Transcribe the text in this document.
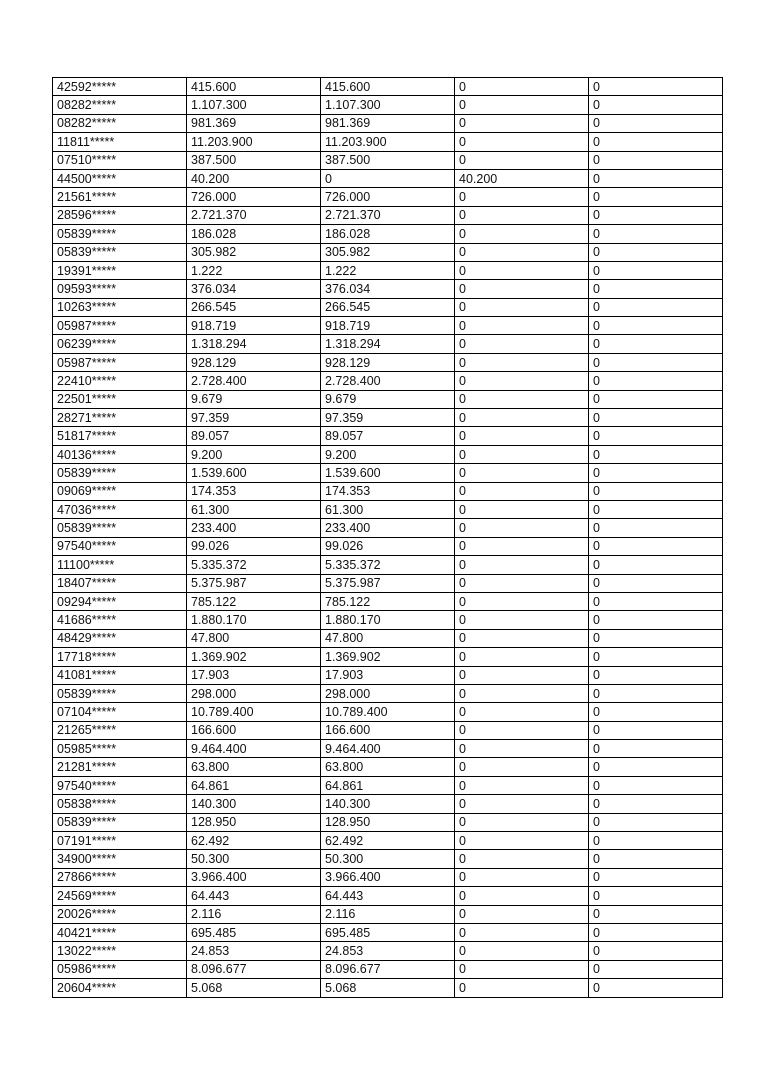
42592*****	415.600	415.600	0	0
08282*****	1.107.300	1.107.300	0	0
08282*****	981.369	981.369	0	0
11811*****	11.203.900	11.203.900	0	0
07510*****	387.500	387.500	0	0
44500*****	40.200	0	40.200	0
21561*****	726.000	726.000	0	0
28596*****	2.721.370	2.721.370	0	0
05839*****	186.028	186.028	0	0
05839*****	305.982	305.982	0	0
19391*****	1.222	1.222	0	0
09593*****	376.034	376.034	0	0
10263*****	266.545	266.545	0	0
05987*****	918.719	918.719	0	0
06239*****	1.318.294	1.318.294	0	0
05987*****	928.129	928.129	0	0
22410*****	2.728.400	2.728.400	0	0
22501*****	9.679	9.679	0	0
28271*****	97.359	97.359	0	0
51817*****	89.057	89.057	0	0
40136*****	9.200	9.200	0	0
05839*****	1.539.600	1.539.600	0	0
09069*****	174.353	174.353	0	0
47036*****	61.300	61.300	0	0
05839*****	233.400	233.400	0	0
97540*****	99.026	99.026	0	0
11100*****	5.335.372	5.335.372	0	0
18407*****	5.375.987	5.375.987	0	0
09294*****	785.122	785.122	0	0
41686*****	1.880.170	1.880.170	0	0
48429*****	47.800	47.800	0	0
17718*****	1.369.902	1.369.902	0	0
41081*****	17.903	17.903	0	0
05839*****	298.000	298.000	0	0
07104*****	10.789.400	10.789.400	0	0
21265*****	166.600	166.600	0	0
05985*****	9.464.400	9.464.400	0	0
21281*****	63.800	63.800	0	0
97540*****	64.861	64.861	0	0
05838*****	140.300	140.300	0	0
05839*****	128.950	128.950	0	0
07191*****	62.492	62.492	0	0
34900*****	50.300	50.300	0	0
27866*****	3.966.400	3.966.400	0	0
24569*****	64.443	64.443	0	0
20026*****	2.116	2.116	0	0
40421*****	695.485	695.485	0	0
13022*****	24.853	24.853	0	0
05986*****	8.096.677	8.096.677	0	0
20604*****	5.068	5.068	0	0
